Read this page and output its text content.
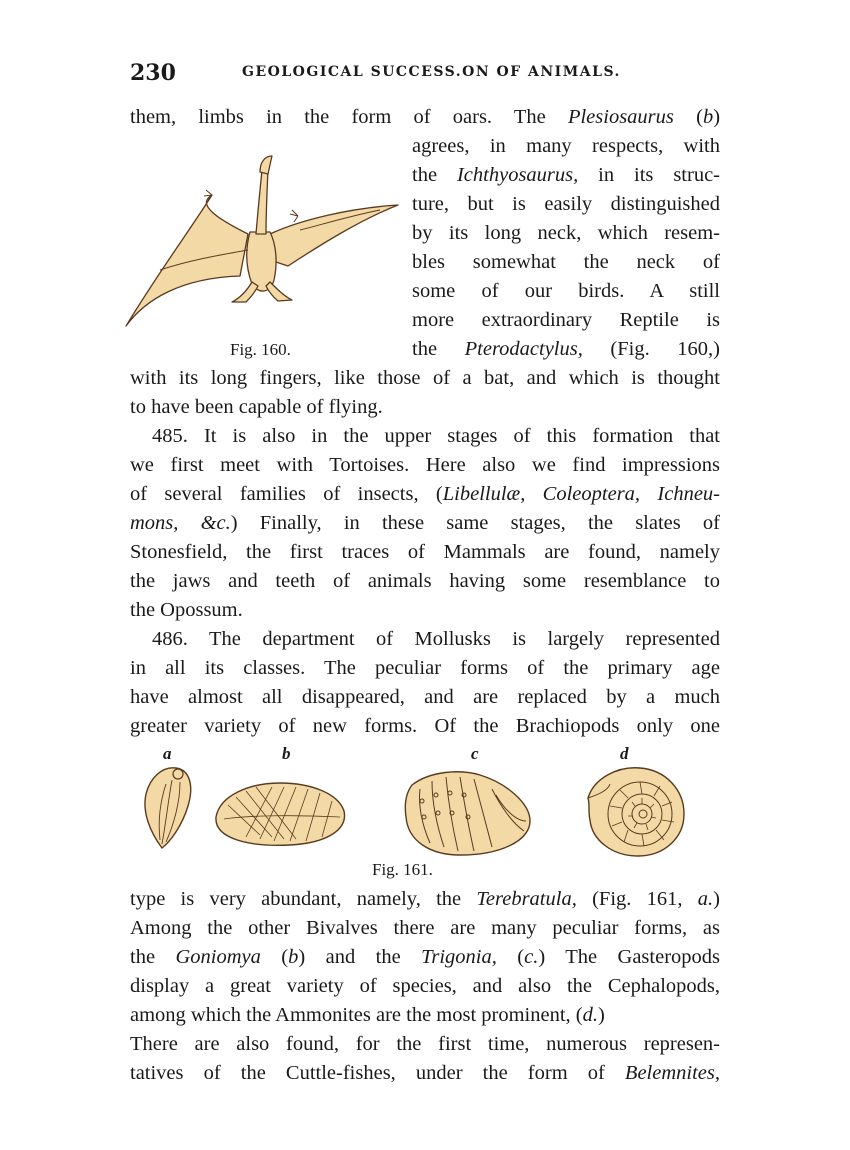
230	GEOLOGICAL SUCCESS.ON OF ANIMALS.
them, limbs in the form of oars. The Plesiosaurus (b)
agrees, in many respects, with
the Ichthyosaurus, in its struc-
ture, but is easily distinguished
by its long neck, which resem-
bles somewhat the neck of
some of our birds. A still
more extraordinary Reptile is
the Pterodactylus, (Fig. 160,)
with its long fingers, like those of a bat, and which is thought
to have been capable of flying.
Fig. 160.
485. It is also in the upper stages of this formation that
we first meet with Tortoises. Here also we find impressions
of several families of insects, (Libellulæ, Coleoptera, Ichneu-
mons, &c.) Finally, in these same stages, the slates of
Stonesfield, the first traces of Mammals are found, namely
the jaws and teeth of animals having some resemblance to
the Opossum.
486. The department of Mollusks is largely represented
in all its classes. The peculiar forms of the primary age
have almost all disappeared, and are replaced by a much
greater variety of new forms. Of the Brachiopods only one
a	b	c	d
Fig. 161.
type is very abundant, namely, the Terebratula, (Fig. 161, a.)
Among the other Bivalves there are many peculiar forms, as
the Goniomya (b) and the Trigonia, (c.) The Gasteropods
display a great variety of species, and also the Cephalopods,
among which the Ammonites are the most prominent, (d.)
There are also found, for the first time, numerous represen-
tatives of the Cuttle-fishes, under the form of Belemnites,
